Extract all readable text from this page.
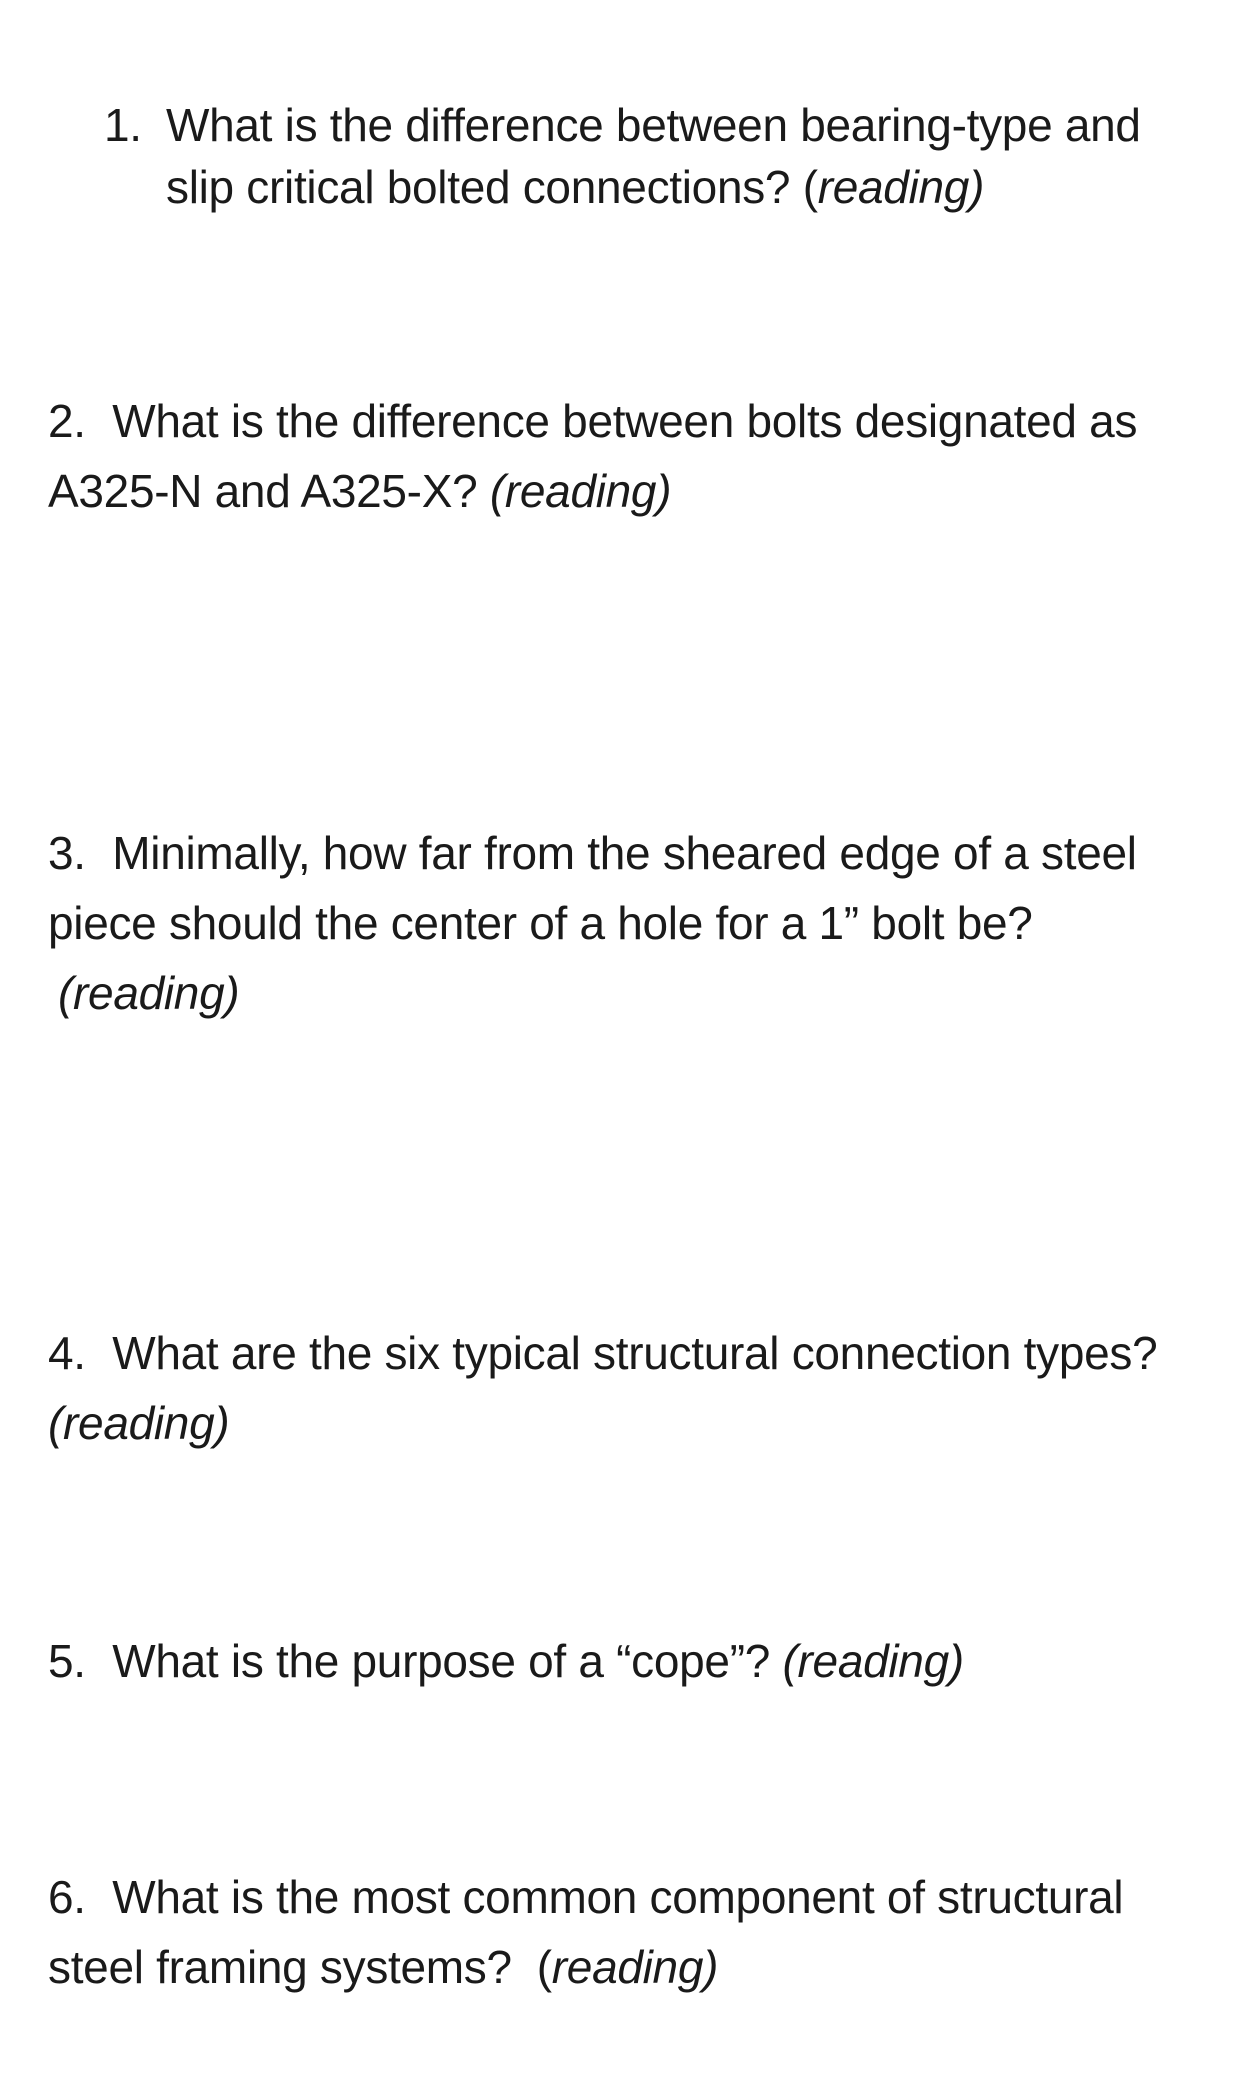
1. What is the difference between bearing-type and slip critical bolted connections? (reading)
2. What is the difference between bolts designated as A325-N and A325-X? (reading)
3. Minimally, how far from the sheared edge of a steel piece should the center of a hole for a 1” bolt be?
(reading)
4. What are the six typical structural connection types? (reading)
5. What is the purpose of a “cope”? (reading)
6. What is the most common component of structural steel framing systems?  (reading)
